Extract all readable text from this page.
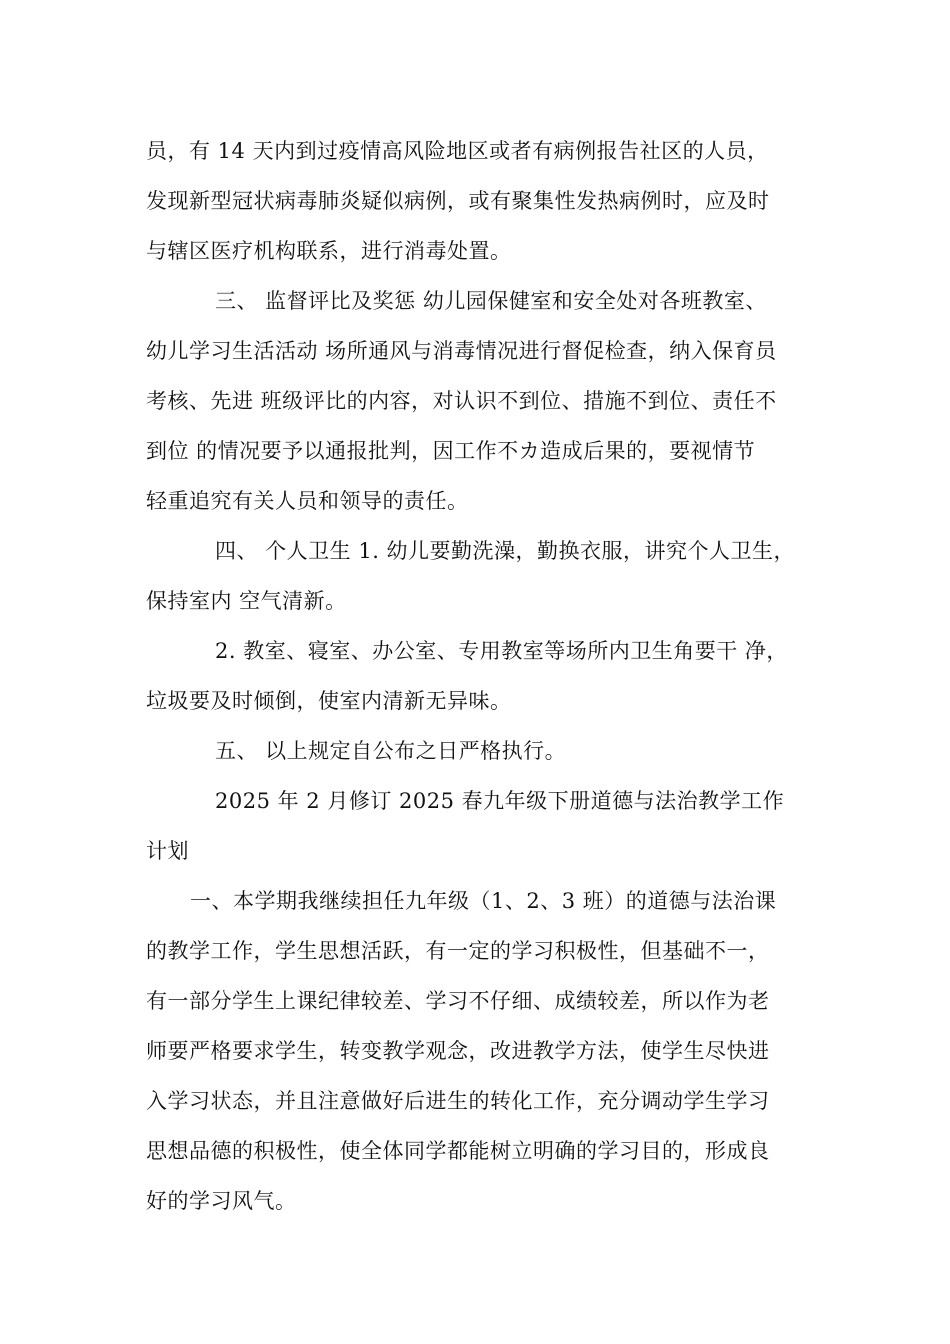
员，有 14 天内到过疫情高风险地区或者有病例报告社区的人员，
发现新型冠状病毒肺炎疑似病例，或有聚集性发热病例时，应及时
与辖区医疗机构联系，进行消毒处置。
三、 监督评比及奖惩 幼儿园保健室和安全处对各班教室、
幼儿学习生活活动 场所通风与消毒情况进行督促检查，纳入保育员
考核、先进 班级评比的内容，对认识不到位、措施不到位、责任不
到位 的情况要予以通报批判，因工作不カ造成后果的，要视情节
轻重追究有关人员和领导的责任。
四、 个人卫生 1. 幼儿要勤洗澡，勤换衣服，讲究个人卫生，
保持室内 空气清新。
2. 教室、寝室、办公室、专用教室等场所内卫生角要干 净，
垃圾要及时倾倒，使室内清新无异味。
五、 以上规定自公布之日严格执行。
2025 年 2 月修订 2025 春九年级下册道德与法治教学工作
计划
一、本学期我继续担任九年级（1、2、3 班）的道德与法治课
的教学工作，学生思想活跃，有一定的学习积极性，但基础不一，
有一部分学生上课纪律较差、学习不仔细、成绩较差，所以作为老
师要严格要求学生，转变教学观念，改进教学方法，使学生尽快进
入学习状态，并且注意做好后进生的转化工作，充分调动学生学习
思想品德的积极性，使全体同学都能树立明确的学习目的，形成良
好的学习风气。
